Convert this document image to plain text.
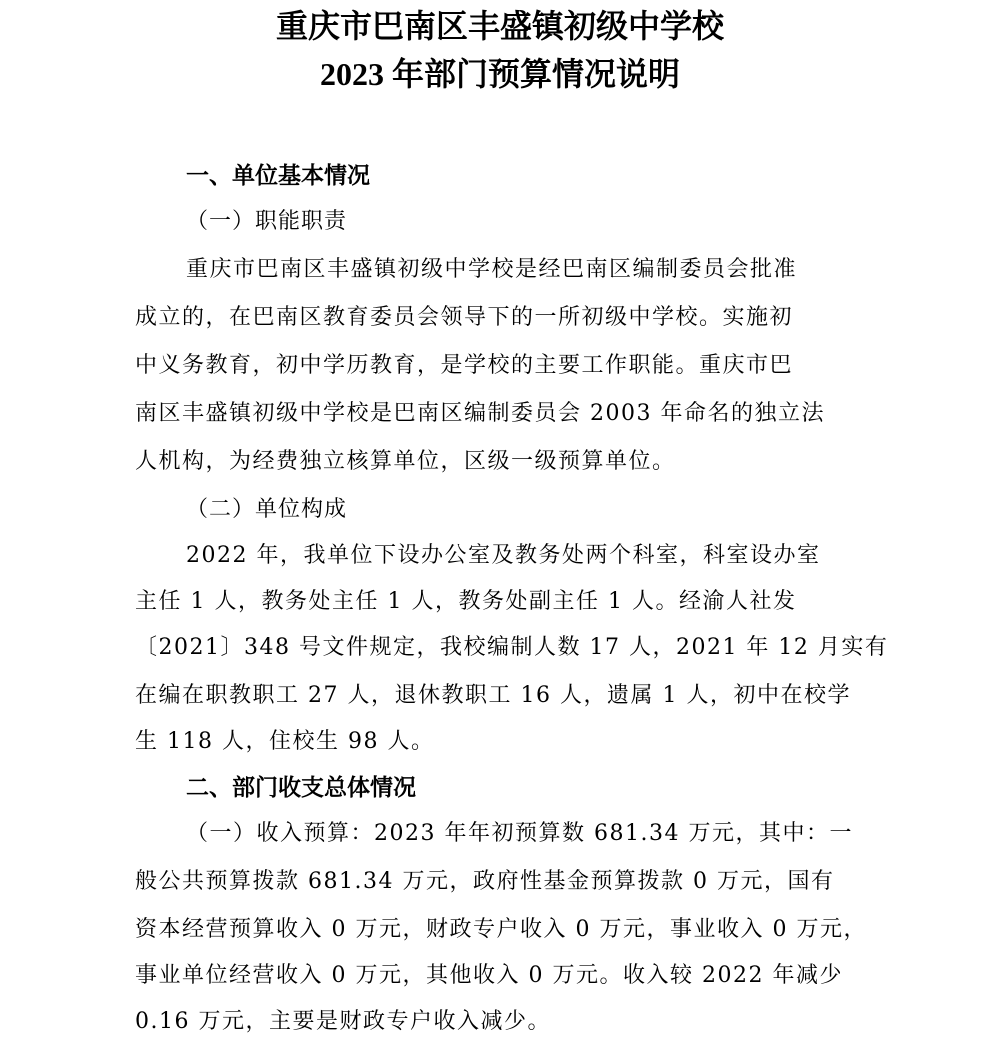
重庆市巴南区丰盛镇初级中学校
2023 年部门预算情况说明
一、单位基本情况

（一）职能职责

重庆市巴南区丰盛镇初级中学校是经巴南区编制委员会批准

成立的，在巴南区教育委员会领导下的一所初级中学校。实施初

中义务教育，初中学历教育，是学校的主要工作职能。重庆市巴

南区丰盛镇初级中学校是巴南区编制委员会 2003 年命名的独立法

人机构，为经费独立核算单位，区级一级预算单位。

（二）单位构成

2022 年，我单位下设办公室及教务处两个科室，科室设办室

主任 1 人，教务处主任 1 人，教务处副主任 1 人。经渝人社发

〔2021〕348 号文件规定，我校编制人数 17 人，2021 年 12 月实有

在编在职教职工 27 人，退休教职工 16 人，遗属 1 人，初中在校学

生 118 人，住校生 98 人。

二、部门收支总体情况

（一）收入预算：2023 年年初预算数 681.34 万元，其中：一

般公共预算拨款 681.34 万元，政府性基金预算拨款 0 万元，国有

资本经营预算收入 0 万元，财政专户收入 0 万元，事业收入 0 万元，

事业单位经营收入 0 万元，其他收入 0 万元。收入较 2022 年减少

0.16 万元，主要是财政专户收入减少。
